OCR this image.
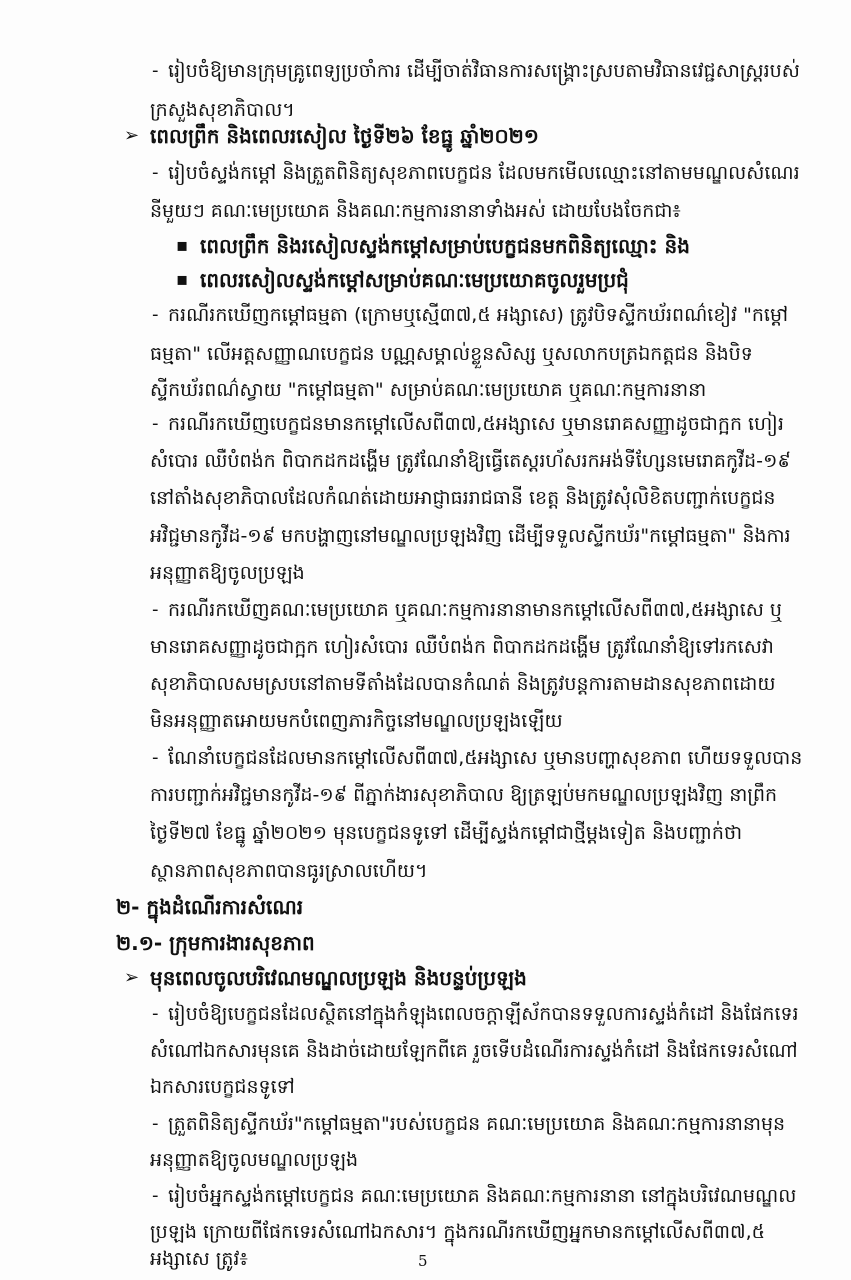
- រៀបចំឱ្យមានក្រុមគ្រូពេទ្យប្រចាំការ ដើម្បីចាត់វិធានការសង្គ្រោះស្របតាមវិធានវេជ្ជសាស្ត្ររបស់
ក្រសួងសុខាភិបាល។
➢ ពេលព្រឹក និងពេលរសៀល ថ្ងៃទី២៦ ខែធ្នូ ឆ្នាំ២០២១
- រៀបចំស្ទង់កម្ដៅ និងត្រួតពិនិត្យសុខភាពបេក្ខជន ដែលមកមើលឈ្មោះនៅតាមមណ្ឌលសំណេរ
នីមួយៗ គណៈមេប្រយោគ និងគណៈកម្មការនានាទាំងអស់ ដោយបែងចែកជា៖
▪ ពេលព្រឹក និងរសៀលស្ទង់កម្ដៅសម្រាប់បេក្ខជនមកពិនិត្យឈ្មោះ និង
▪ ពេលរសៀលស្ទង់កម្ដៅសម្រាប់គណៈមេប្រយោគចូលរួមប្រជុំ
- ករណីរកឃើញកម្ដៅធម្មតា (ក្រោមឬស្មើ៣៧,៥ អង្សាសេ) ត្រូវបិទស្ទីកឃ័រពណ៌ខៀវ "កម្ដៅ
ធម្មតា" លើអត្តសញ្ញាណបេក្ខជន បណ្ណសម្គាល់ខ្លួនសិស្ស ឬសលាកបត្រឯកត្តជន និងបិទ
ស្ទីកឃ័រពណ៌ស្វាយ "កម្ដៅធម្មតា" សម្រាប់គណៈមេប្រយោគ ឬគណៈកម្មការនានា
- ករណីរកឃើញបេក្ខជនមានកម្ដៅលើសពី៣៧,៥អង្សាសេ ឬមានរោគសញ្ញាដូចជាក្អក ហៀរ
សំបោរ ឈឺបំពង់ក ពិបាកដកដង្ហើម ត្រូវណែនាំឱ្យធ្វើតេស្តរហ័សរកអង់ទីហ្សែនមេរោគកូវីដ-១៩
នៅតាំងសុខាភិបាលដែលកំណត់ដោយអាជ្ញាធររាជធានី ខេត្ត និងត្រូវសុំលិខិតបញ្ជាក់បេក្ខជន
អវិជ្ជមានកូវីដ-១៩ មកបង្ហាញនៅមណ្ឌលប្រឡងវិញ ដើម្បីទទួលស្ទីកឃ័រ"កម្ដៅធម្មតា" និងការ
អនុញ្ញាតឱ្យចូលប្រឡង
- ករណីរកឃើញគណៈមេប្រយោគ ឬគណៈកម្មការនានាមានកម្ដៅលើសពី៣៧,៥អង្សាសេ ឬ
មានរោគសញ្ញាដូចជាក្អក ហៀរសំបោរ ឈឺបំពង់ក ពិបាកដកដង្ហើម ត្រូវណែនាំឱ្យទៅរកសេវា
សុខាភិបាលសមស្របនៅតាមទីតាំងដែលបានកំណត់ និងត្រូវបន្តការតាមដានសុខភាពដោយ
មិនអនុញ្ញាតអោយមកបំពេញភារកិច្ចនៅមណ្ឌលប្រឡងឡើយ
- ណែនាំបេក្ខជនដែលមានកម្ដៅលើសពី៣៧,៥អង្សាសេ ឬមានបញ្ហាសុខភាព ហើយទទួលបាន
ការបញ្ជាក់អវិជ្ជមានកូវីដ-១៩ ពីភ្នាក់ងារសុខាភិបាល ឱ្យត្រឡប់មកមណ្ឌលប្រឡងវិញ នាព្រឹក
ថ្ងៃទី២៧ ខែធ្នូ ឆ្នាំ២០២១ មុនបេក្ខជនទូទៅ ដើម្បីស្ទង់កម្ដៅជាថ្មីម្ដងទៀត និងបញ្ជាក់ថា
ស្ថានភាពសុខភាពបានធូរស្រាលហើយ។
២- ក្នុងដំណើរការសំណេរ
២.១- ក្រុមការងារសុខភាព
➢ មុនពេលចូលបរិវេណមណ្ឌលប្រឡង និងបន្ទប់ប្រឡង
- រៀបចំឱ្យបេក្ខជនដែលស្ថិតនៅក្នុងកំឡុងពេលចក្តាឡីស័កបានទទួលការស្ទង់កំដៅ និងផែកទេរ
សំណៅឯកសារមុនគេ និងដាច់ដោយឡែកពីគេ រួចទើបដំណើរការស្ទង់កំដៅ និងផែកទេរសំណៅ
ឯកសារបេក្ខជនទូទៅ
- ត្រួតពិនិត្យស្ទីកឃ័រ"កម្ដៅធម្មតា"របស់បេក្ខជន គណៈមេប្រយោគ និងគណៈកម្មការនានាមុន
អនុញ្ញាតឱ្យចូលមណ្ឌលប្រឡង
- រៀបចំអ្នកស្ទង់កម្ដៅបេក្ខជន គណៈមេប្រយោគ និងគណៈកម្មការនានា នៅក្នុងបរិវេណមណ្ឌល
ប្រឡង ក្រោយពីផែកទេរសំណៅឯកសារ។ ក្នុងករណីរកឃើញអ្នកមានកម្ដៅលើសពី៣៧,៥
អង្សាសេ ត្រូវ៖	5
